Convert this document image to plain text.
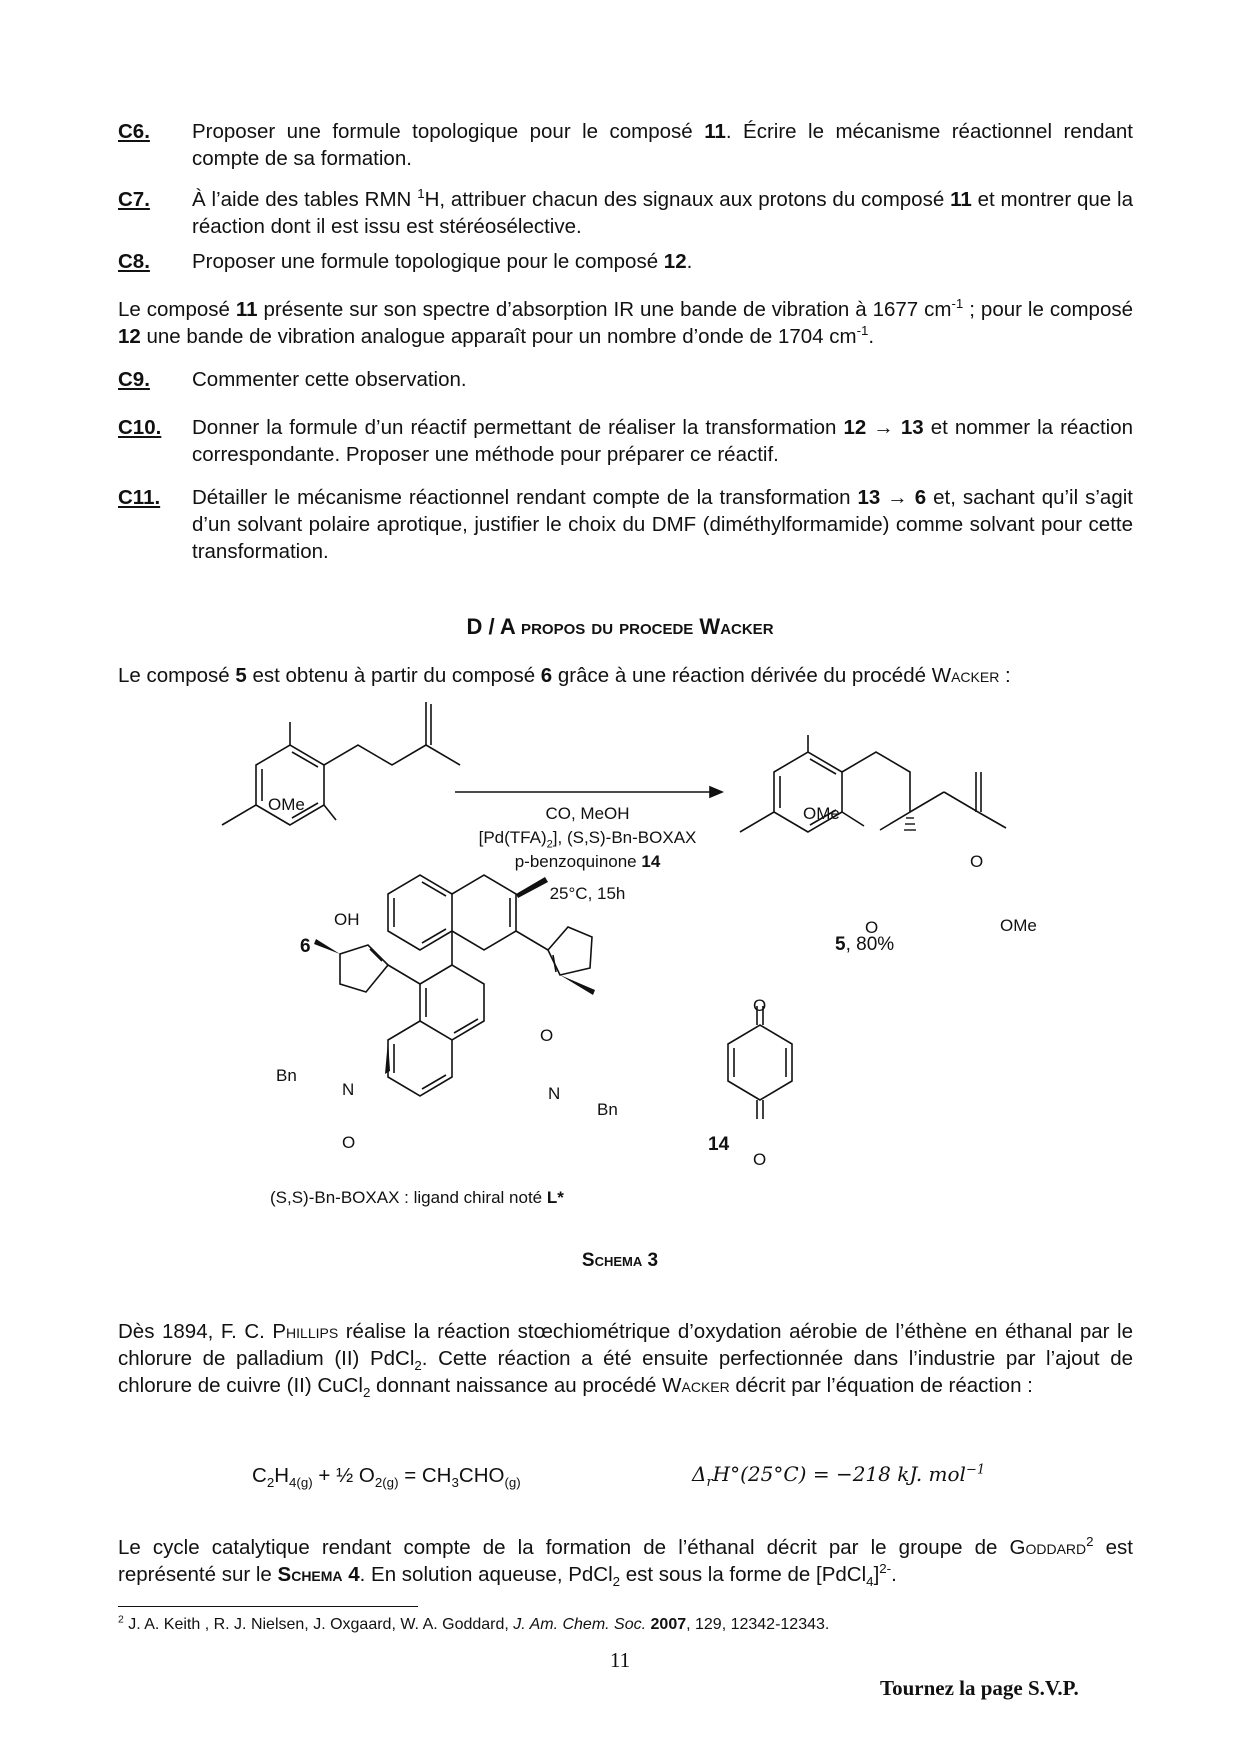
C6. Proposer une formule topologique pour le composé 11. Écrire le mécanisme réactionnel rendant compte de sa formation.
C7. À l’aide des tables RMN $^1$H, attribuer chacun des signaux aux protons du composé 11 et montrer que la réaction dont il est issu est stéréosélective.
C8. Proposer une formule topologique pour le composé 12.
Le composé 11 présente sur son spectre d’absorption IR une bande de vibration à 1677 $cm^{-1}$ ; pour le composé 12 une bande de vibration analogue apparaît pour un nombre d’onde de 1704 $cm^{-1}$.
C9. Commenter cette observation.
C10. Donner la formule d’un réactif permettant de réaliser la transformation 12 → 13 et nommer la réaction correspondante. Proposer une méthode pour préparer ce réactif.
C11. Détailler le mécanisme réactionnel rendant compte de la transformation 13 → 6 et, sachant qu’il s’agit d’un solvant polaire aprotique, justifier le choix du DMF (diméthylformamide) comme solvant pour cette transformation.
D / A propos du procede Wacker
Le composé 5 est obtenu à partir du composé 6 grâce à une réaction dérivée du procédé Wacker :
OMe
OH
6
CO, MeOH
$[Pd(TFA)_2]$, (S,S)-Bn-BOXAX
p-benzoquinone 14
25°C, 15h
OMe
O
O
OMe
5, 80%
Bn
N
O
Bn
N
O
O
O
14
(S,S)-Bn-BOXAX : ligand chiral noté L*
Schema 3
Dès 1894, F. C. Phillips réalise la réaction stœchiométrique d’oxydation aérobie de l’éthène en éthanal par le chlorure de palladium (II) PdCl$_2$. Cette réaction a été ensuite perfectionnée dans l’industrie par l’ajout de chlorure de cuivre (II) CuCl$_2$ donnant naissance au procédé Wacker décrit par l’équation de réaction :
$C_2H_{4(g)}$ + ½ $O_{2(g)} = CH_3CHO_{(g)}$	$\Delta_rH^\circ(25^\circ C) = -218$ kJ. mol$^{-1}$
Le cycle catalytique rendant compte de la formation de l’éthanal décrit par le groupe de Goddard$^2$ est représenté sur le Schema 4. En solution aqueuse, PdCl$_2$ est sous la forme de [PdCl$_4$]$^{2-}$.
$^2$ J. A. Keith , R. J. Nielsen, J. Oxgaard, W. A. Goddard, J. Am. Chem. Soc. 2007, 129, 12342-12343.
11
Tournez la page S.V.P.
